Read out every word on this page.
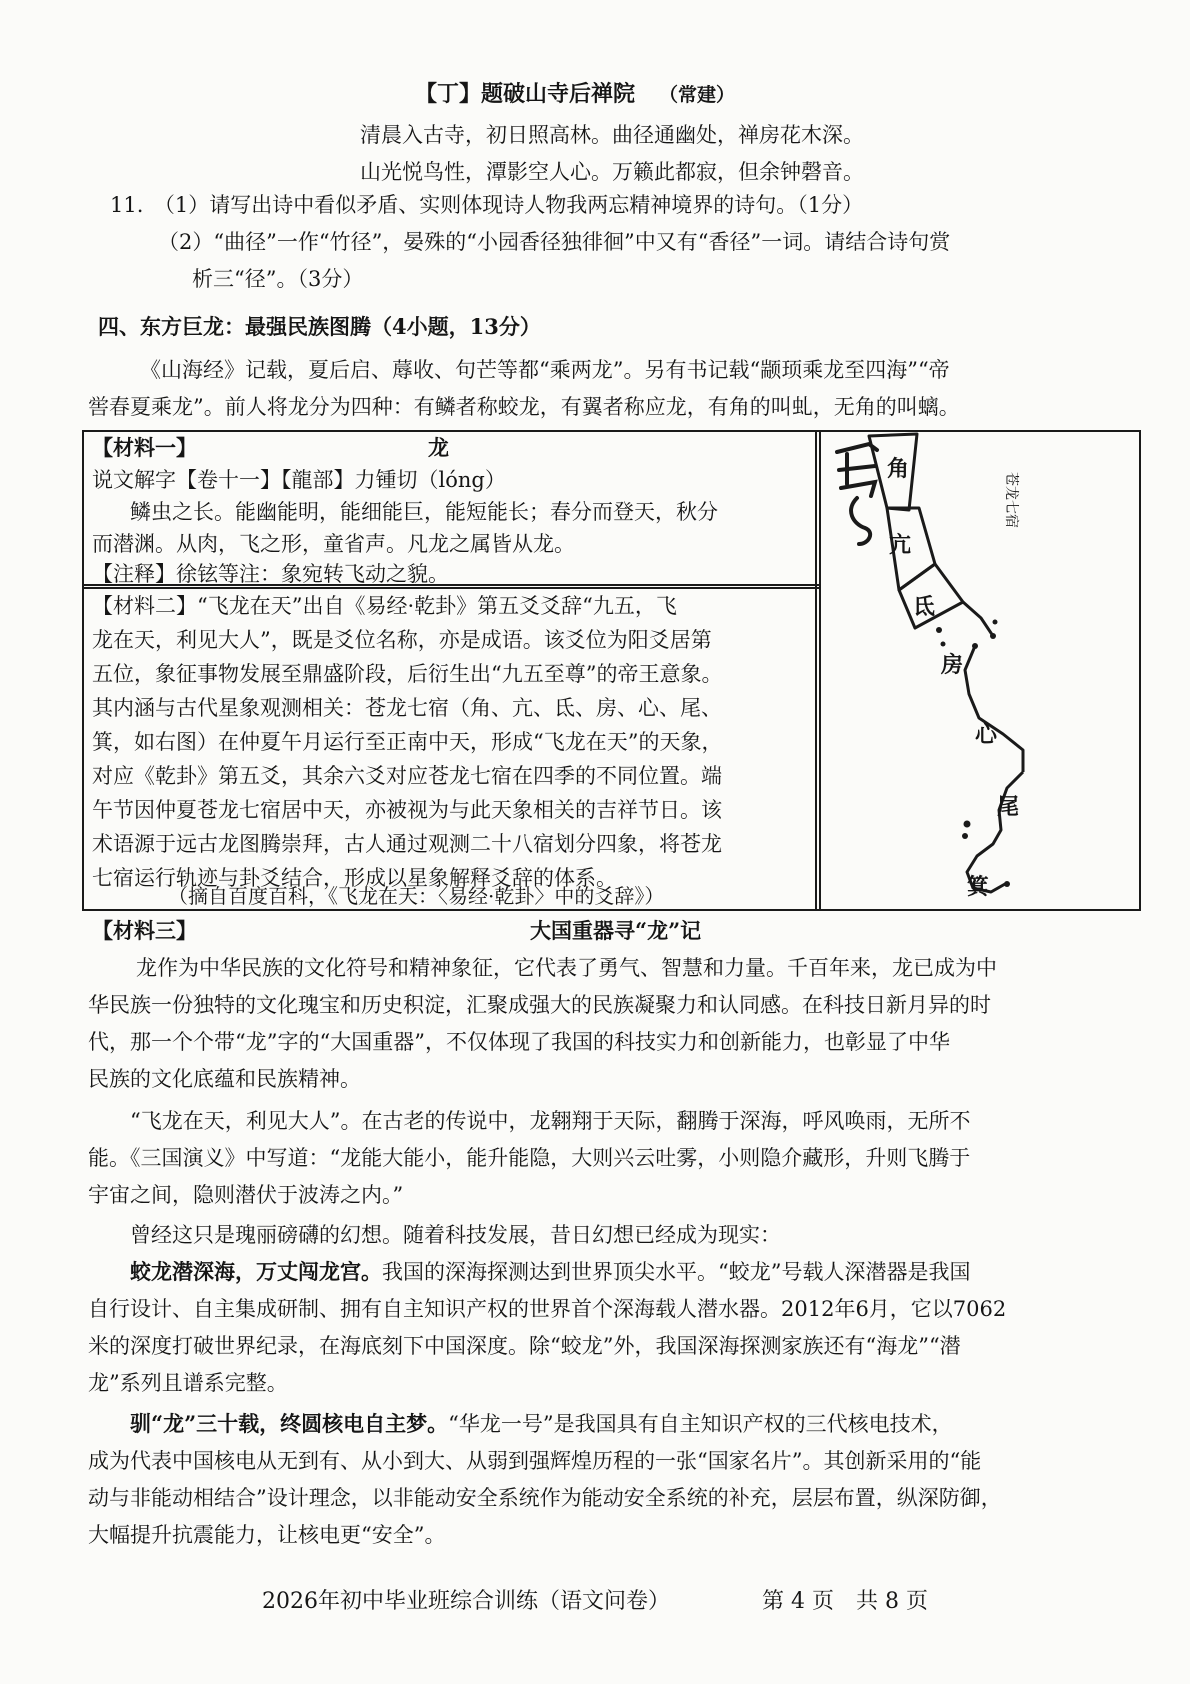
【丁】题破山寺后禅院 （常建）
清晨入古寺，初日照高林。曲径通幽处，禅房花木深。
山光悦鸟性，潭影空人心。万籁此都寂，但余钟磬音。
11.　（1）请写出诗中看似矛盾、实则体现诗人物我两忘精神境界的诗句。（1分）
（2）“曲径”一作“竹径”，晏殊的“小园香径独徘徊”中又有“香径”一词。请结合诗句赏
析三“径”。（3分）
四、东方巨龙：最强民族图腾（4小题，13分）
《山海经》记载，夏后启、蓐收、句芒等都“乘两龙”。另有书记载“颛顼乘龙至四海”“帝
喾春夏乘龙”。前人将龙分为四种：有鳞者称蛟龙，有翼者称应龙，有角的叫虬，无角的叫螭。
【材料一】	龙
说文解字【卷十一】【龍部】力锺切（lóng）
鳞虫之长。能幽能明，能细能巨，能短能长；春分而登天，秋分
而潜渊。从肉，飞之形，童省声。凡龙之属皆从龙。
【注释】徐铉等注：象宛转飞动之貌。
【材料二】“飞龙在天”出自《易经·乾卦》第五爻爻辞“九五，飞
龙在天，利见大人”，既是爻位名称，亦是成语。该爻位为阳爻居第
五位，象征事物发展至鼎盛阶段，后衍生出“九五至尊”的帝王意象。
其内涵与古代星象观测相关：苍龙七宿（角、亢、氐、房、心、尾、
箕，如右图）在仲夏午月运行至正南中天，形成“飞龙在天”的天象，
对应《乾卦》第五爻，其余六爻对应苍龙七宿在四季的不同位置。端
午节因仲夏苍龙七宿居中天，亦被视为与此天象相关的吉祥节日。该
术语源于远古龙图腾崇拜，古人通过观测二十八宿划分四象，将苍龙
七宿运行轨迹与卦爻结合，形成以星象解释爻辞的体系。
（摘自百度百科，《飞龙在天：〈易经·乾卦〉中的爻辞》）
角
亢
氐
房
心
尾
箕
苍龙七宿
【材料三】	大国重器寻“龙”记
龙作为中华民族的文化符号和精神象征，它代表了勇气、智慧和力量。千百年来，龙已成为中
华民族一份独特的文化瑰宝和历史积淀，汇聚成强大的民族凝聚力和认同感。在科技日新月异的时
代，那一个个带“龙”字的“大国重器”，不仅体现了我国的科技实力和创新能力，也彰显了中华
民族的文化底蕴和民族精神。
“飞龙在天，利见大人”。在古老的传说中，龙翱翔于天际，翻腾于深海，呼风唤雨，无所不
能。《三国演义》中写道：“龙能大能小，能升能隐，大则兴云吐雾，小则隐介藏形，升则飞腾于
宇宙之间，隐则潜伏于波涛之内。”
曾经这只是瑰丽磅礴的幻想。随着科技发展，昔日幻想已经成为现实：
蛟龙潜深海，万丈闯龙宫。我国的深海探测达到世界顶尖水平。“蛟龙”号载人深潜器是我国
自行设计、自主集成研制、拥有自主知识产权的世界首个深海载人潜水器。2012年6月，它以7062
米的深度打破世界纪录，在海底刻下中国深度。除“蛟龙”外，我国深海探测家族还有“海龙”“潜
龙”系列且谱系完整。
驯“龙”三十载，终圆核电自主梦。“华龙一号”是我国具有自主知识产权的三代核电技术，
成为代表中国核电从无到有、从小到大、从弱到强辉煌历程的一张“国家名片”。其创新采用的“能
动与非能动相结合”设计理念，以非能动安全系统作为能动安全系统的补充，层层布置，纵深防御，
大幅提升抗震能力，让核电更“安全”。
2026年初中毕业班综合训练（语文问卷）	第 4 页　共 8 页
